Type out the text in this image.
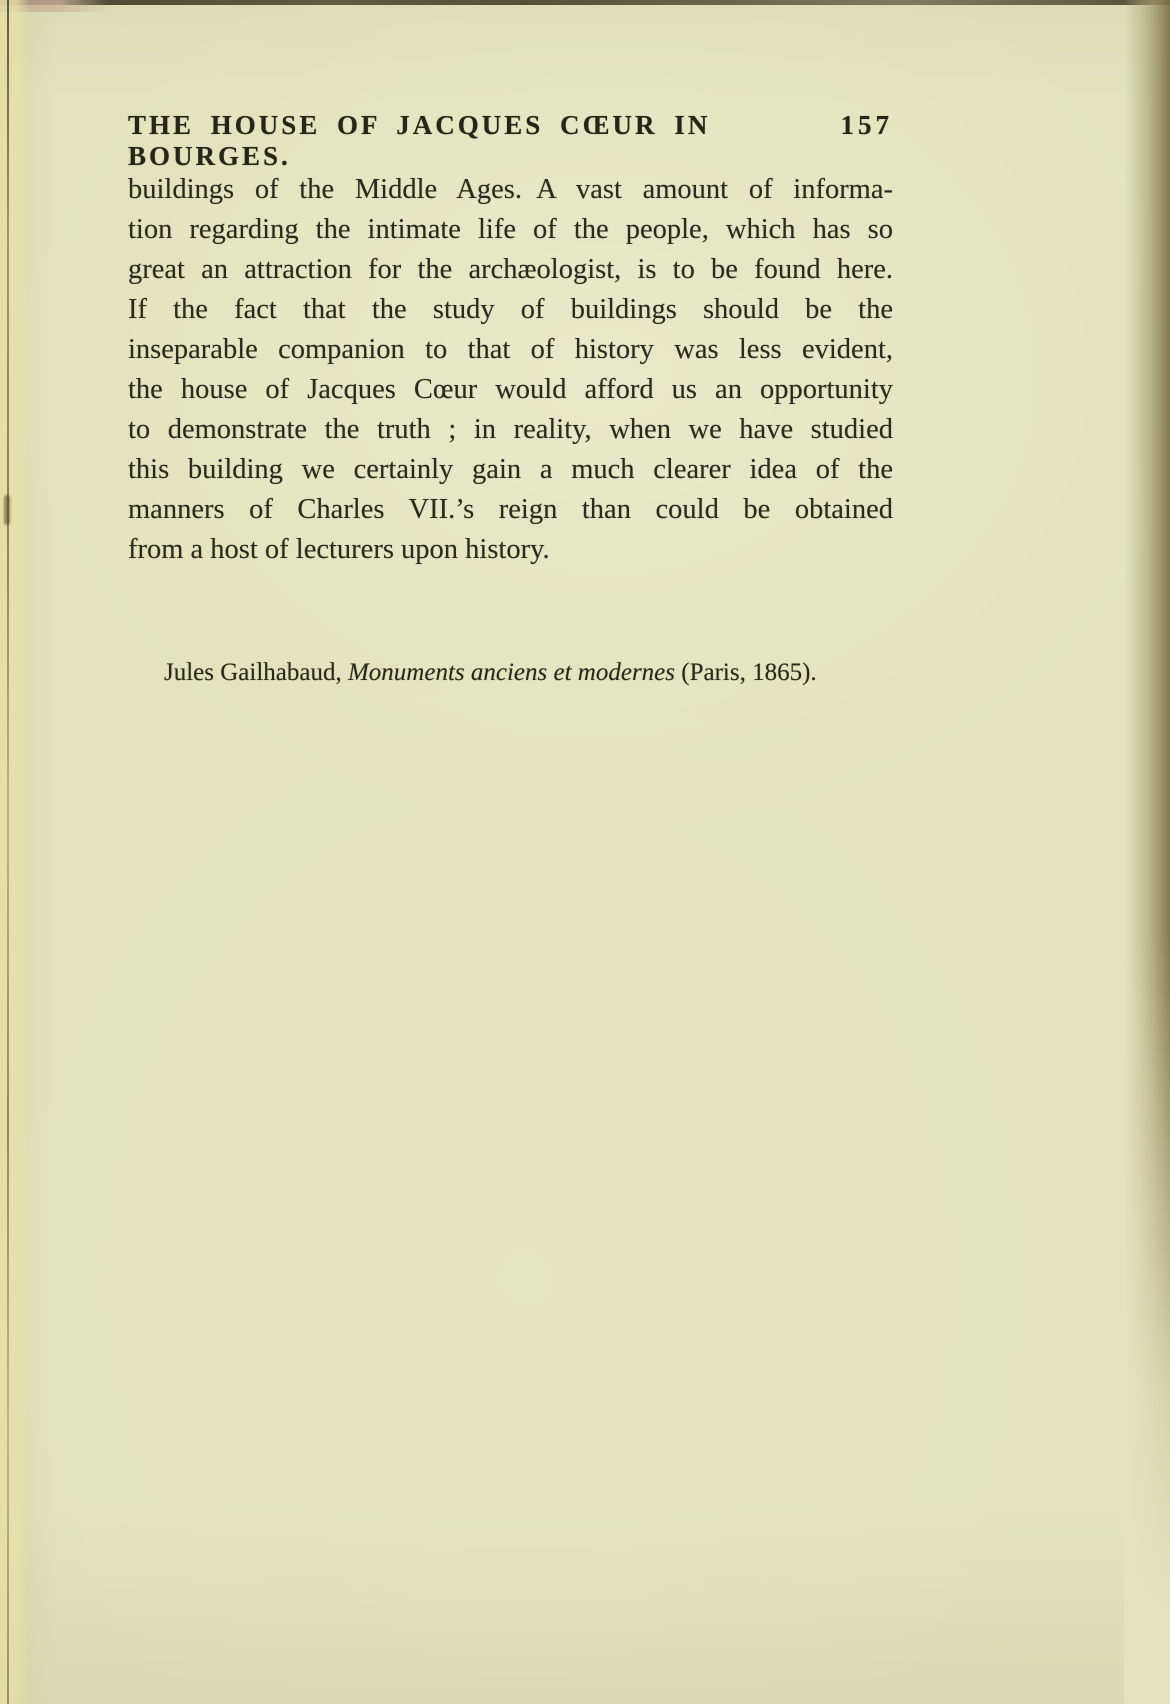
THE HOUSE OF JACQUES CŒUR IN BOURGES.
157
buildings of the Middle Ages. A vast amount of informa-
tion regarding the intimate life of the people, which has so
great an attraction for the archæologist, is to be found here.
If the fact that the study of buildings should be the
inseparable companion to that of history was less evident,
the house of Jacques Cœur would afford us an opportunity
to demonstrate the truth ; in reality, when we have studied
this building we certainly gain a much clearer idea of the
manners of Charles VII.’s reign than could be obtained
from a host of lecturers upon history.
Jules Gailhabaud, Monuments anciens et modernes (Paris, 1865).
